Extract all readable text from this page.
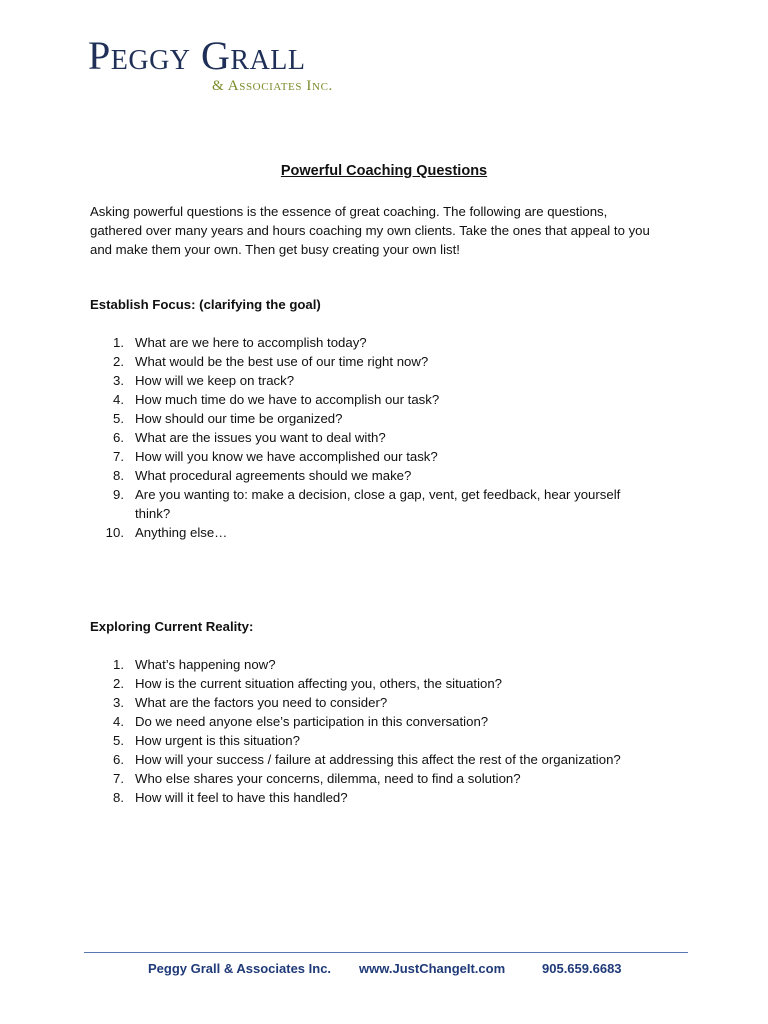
Peggy Grall
& Associates Inc.
Powerful Coaching Questions
Asking powerful questions is the essence of great coaching. The following are questions,
gathered over many years and hours coaching my own clients. Take the ones that appeal to you
and make them your own. Then get busy creating your own list!
Establish Focus: (clarifying the goal)
1. What are we here to accomplish today?
2. What would be the best use of our time right now?
3. How will we keep on track?
4. How much time do we have to accomplish our task?
5. How should our time be organized?
6. What are the issues you want to deal with?
7. How will you know we have accomplished our task?
8. What procedural agreements should we make?
9. Are you wanting to: make a decision, close a gap, vent, get feedback, hear yourself
think?
10. Anything else…
Exploring Current Reality:
1. What’s happening now?
2. How is the current situation affecting you, others, the situation?
3. What are the factors you need to consider?
4. Do we need anyone else’s participation in this conversation?
5. How urgent is this situation?
6. How will your success / failure at addressing this affect the rest of the organization?
7. Who else shares your concerns, dilemma, need to find a solution?
8. How will it feel to have this handled?
Peggy Grall & Associates Inc. www.JustChangeIt.com	905.659.6683
